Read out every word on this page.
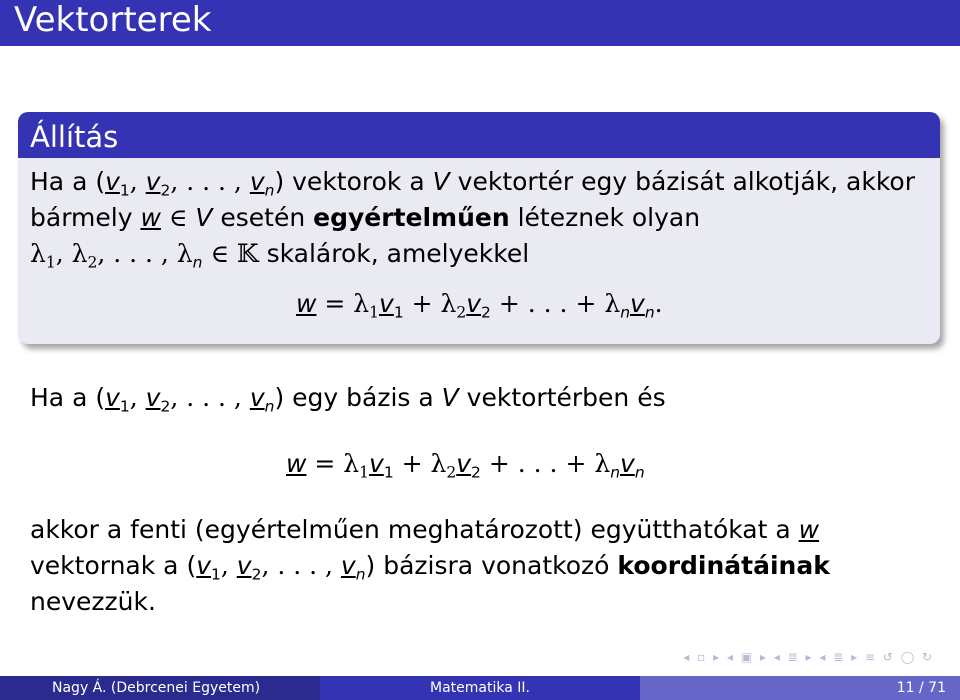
Vektorterek
Állítás
Ha a ($v_1$, $v_2$, . . . , $v_n$) vektorok a V vektortér egy bázisát alkotják, akkor
bármely w ∈ V esetén egyértelműen léteznek olyan
$\lambda_1$, $\lambda_2$, . . . , $\lambda_n$ ∈ 𝕂 skalárok, amelyekkel
$w = \lambda_1v_1 + \lambda_2v_2$ + . . . + $\lambda_nv_n$.
Ha a ($v_1$, $v_2$, . . . , $v_n$) egy bázis a V vektortérben és
$w = \lambda_1v_1 + \lambda_2v_2$ + . . . + $\lambda_nv_n$
akkor a fenti (egyértelműen meghatározott) együtthatókat a w
vektornak a ($v_1$, $v_2$, . . . , $v_n$) bázisra vonatkozó koordinátáinak
nevezzük.
◂ ▫ ▸ ◂ ▣ ▸ ◂ ≣ ▸ ◂ ≣ ▸ ≡ ↺ ◯ ↻
Nagy Á. (Debrcenei Egyetem)	Matematika II.	11 / 71
